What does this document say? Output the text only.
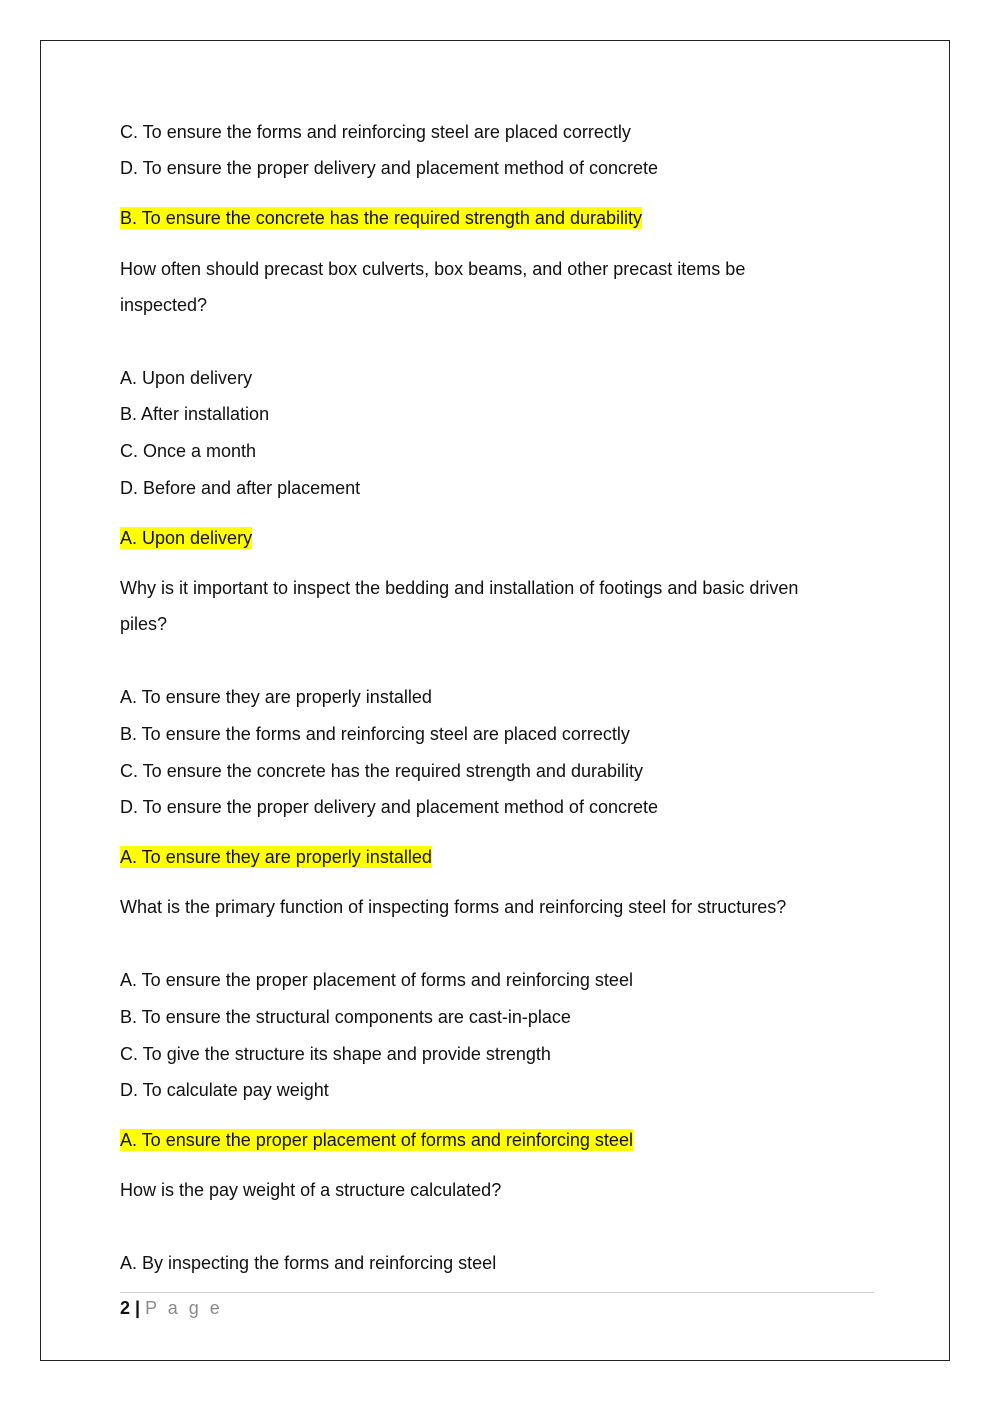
C. To ensure the forms and reinforcing steel are placed correctly
D. To ensure the proper delivery and placement method of concrete
B. To ensure the concrete has the required strength and durability
How often should precast box culverts, box beams, and other precast items be
inspected?
A. Upon delivery
B. After installation
C. Once a month
D. Before and after placement
A. Upon delivery
Why is it important to inspect the bedding and installation of footings and basic driven
piles?
A. To ensure they are properly installed
B. To ensure the forms and reinforcing steel are placed correctly
C. To ensure the concrete has the required strength and durability
D. To ensure the proper delivery and placement method of concrete
A. To ensure they are properly installed
What is the primary function of inspecting forms and reinforcing steel for structures?
A. To ensure the proper placement of forms and reinforcing steel
B. To ensure the structural components are cast-in-place
C. To give the structure its shape and provide strength
D. To calculate pay weight
A. To ensure the proper placement of forms and reinforcing steel
How is the pay weight of a structure calculated?
A. By inspecting the forms and reinforcing steel
2 | P a g e
